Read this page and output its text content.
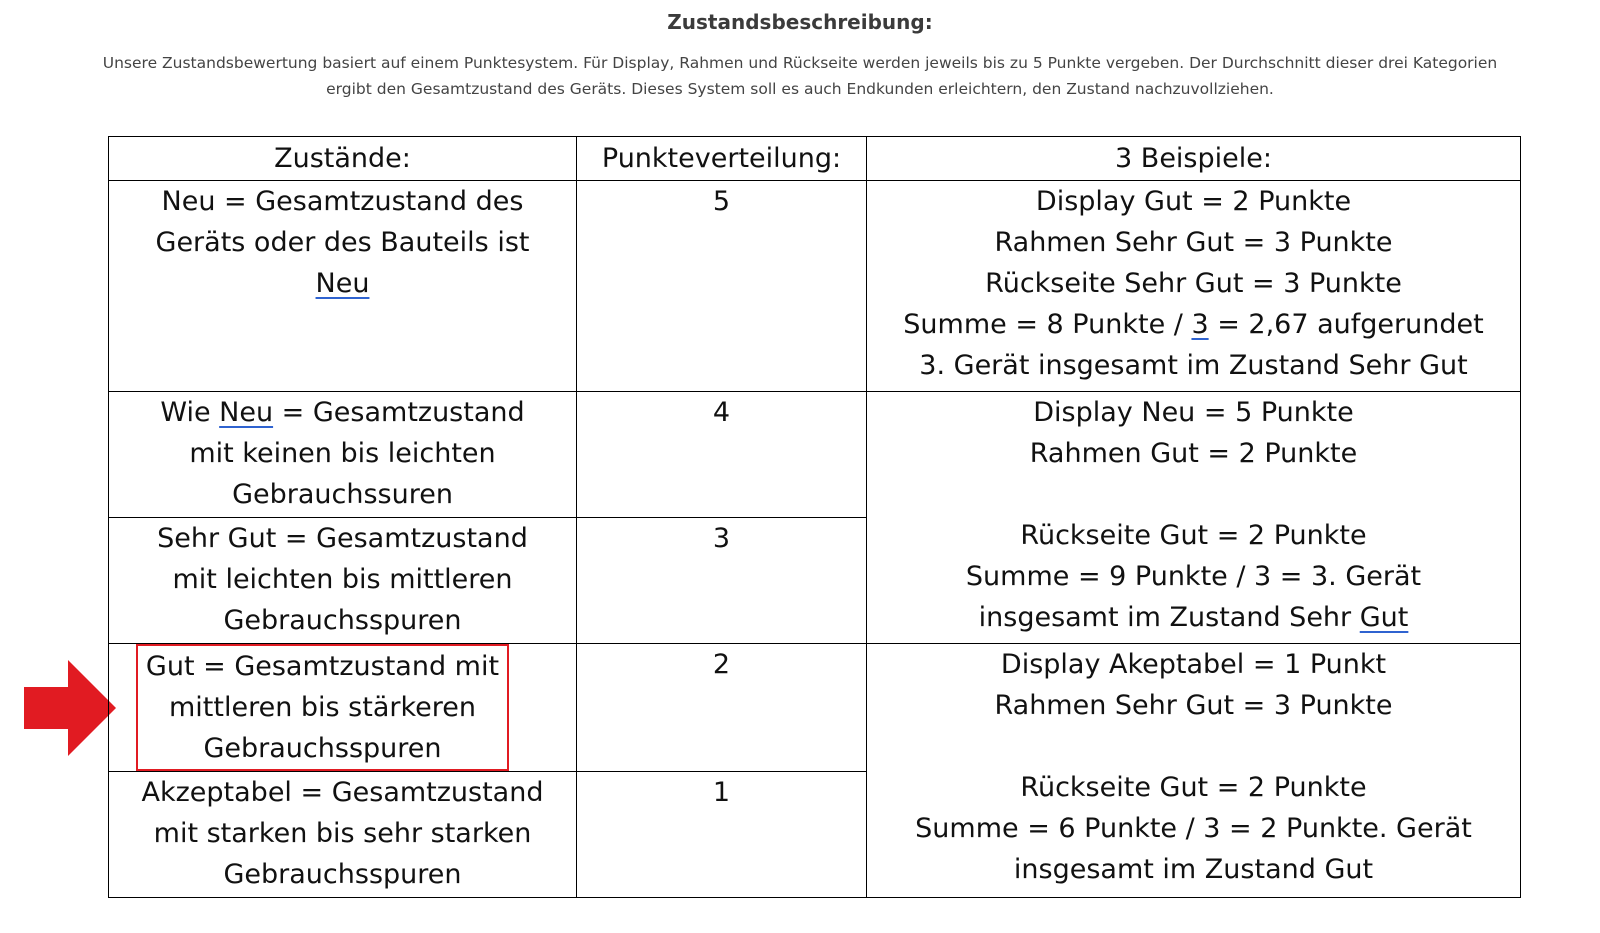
Zustandsbeschreibung:
Unsere Zustandsbewertung basiert auf einem Punktesystem. Für Display, Rahmen und Rückseite werden jeweils bis zu 5 Punkte vergeben. Der Durchschnitt dieser drei Kategorien ergibt den Gesamtzustand des Geräts. Dieses System soll es auch Endkunden erleichtern, den Zustand nachzuvollziehen.
Zustände:	Punkteverteilung:	3 Beispiele:

Neu = Gesamtzustand des
Geräts oder des Bauteils ist
Neu	5	Display Gut = 2 Punkte
Rahmen Sehr Gut = 3 Punkte
Rückseite Sehr Gut = 3 Punkte
Summe = 8 Punkte / 3 = 2,67 aufgerundet
3. Gerät insgesamt im Zustand Sehr Gut

Wie Neu = Gesamtzustand
mit keinen bis leichten
Gebrauchssuren	4	Display Neu = 5 Punkte
Rahmen Gut = 2 Punkte
Rückseite Gut = 2 Punkte
Summe = 9 Punkte / 3 = 3. Gerät
insgesamt im Zustand Sehr Gut

Sehr Gut = Gesamtzustand
mit leichten bis mittleren
Gebrauchsspuren	3	

Gut = Gesamtzustand mit
mittleren bis stärkeren
Gebrauchsspuren	2	Display Akeptabel = 1 Punkt
Rahmen Sehr Gut = 3 Punkte
Rückseite Gut = 2 Punkte
Summe = 6 Punkte / 3 = 2 Punkte. Gerät
insgesamt im Zustand Gut

Akzeptabel = Gesamtzustand
mit starken bis sehr starken
Gebrauchsspuren	1	
